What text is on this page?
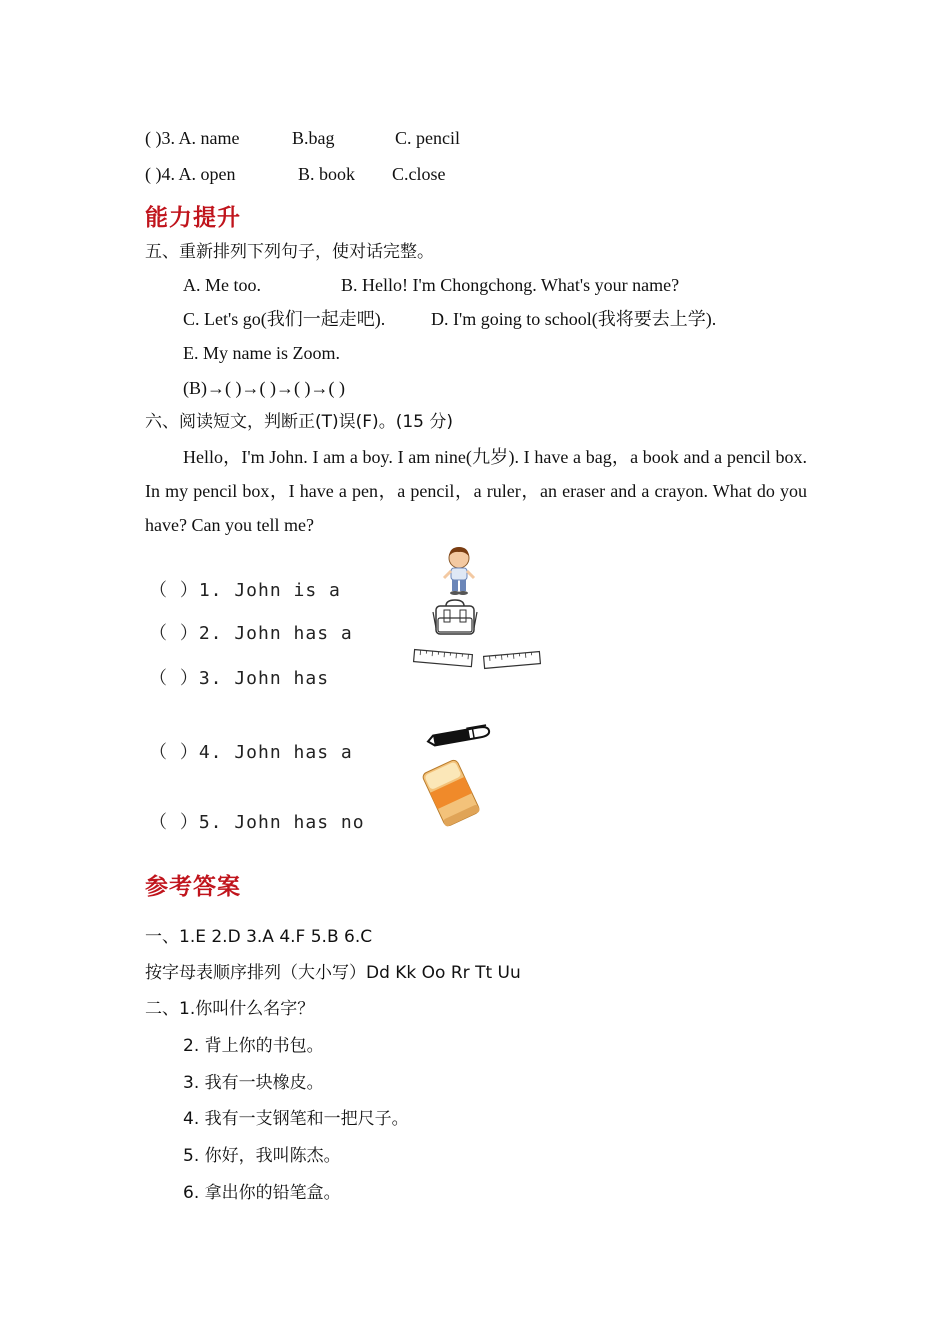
( )3. A. name	B.bag	C. pencil
( )4. A. open	B. book C.close
能力提升
五、重新排列下列句子，使对话完整。
A. Me too.	B. Hello! I'm Chongchong. What's your name?
C. Let's go(我们一起走吧).	D. I'm going to school(我将要去上学).
E. My name is Zoom.
(B)→( )→( )→( )→( )
六、阅读短文，判断正(T)误(F)。(15 分)
Hello，I'm John. I am a boy. I am nine(九岁). I have a bag，a book and a pencil box. In my pencil box，I have a pen，a pencil，a ruler，an eraser and a crayon. What do you have? Can you tell me?
（ ）1. John is a
（ ）2. John has a
（ ）3. John has
（ ）4. John has a
（ ）5. John has no
参考答案
一、1.E 2.D 3.A 4.F 5.B 6.C
按字母表顺序排列（大小写）Dd Kk Oo Rr Tt Uu
二、1.你叫什么名字？
2. 背上你的书包。
3. 我有一块橡皮。
4. 我有一支钢笔和一把尺子。
5. 你好，我叫陈杰。
6. 拿出你的铅笔盒。
